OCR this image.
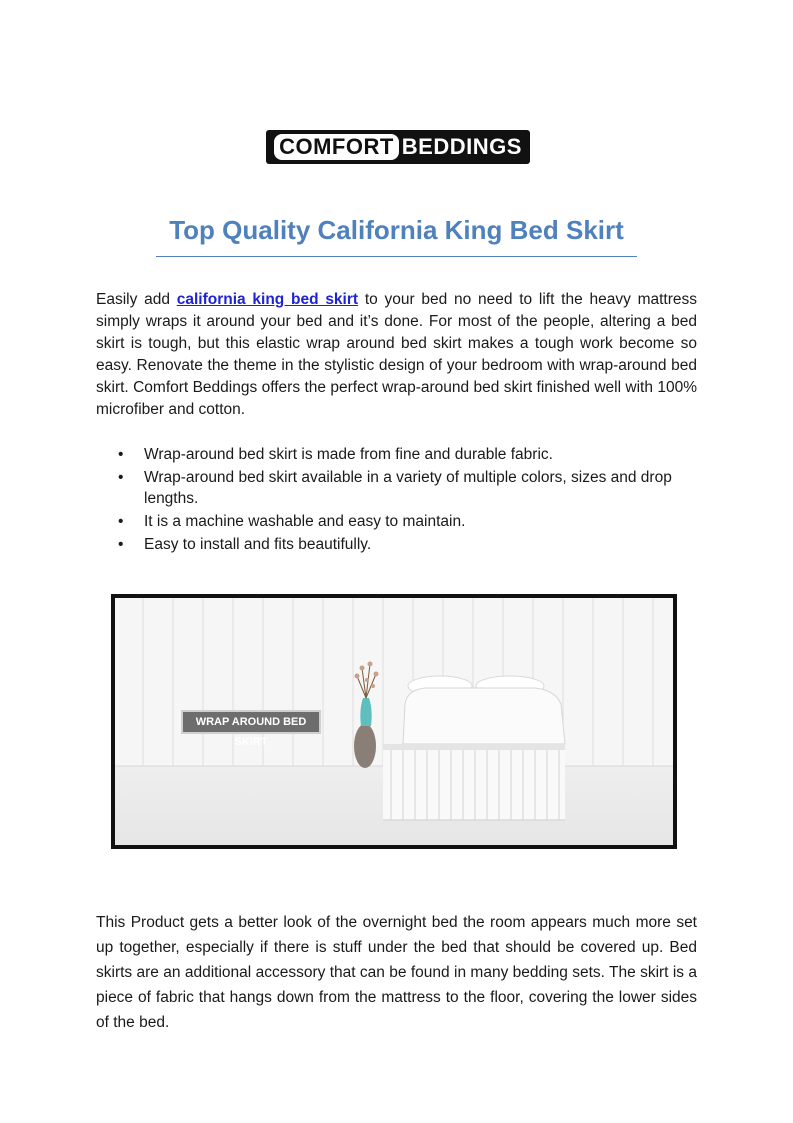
COMFORT BEDDINGS
Top Quality California King Bed Skirt

Easily add california king bed skirt to your bed no need to lift the heavy mattress simply wraps it around your bed and it’s done. For most of the people, altering a bed skirt is tough, but this elastic wrap around bed skirt makes a tough work become so easy. Renovate the theme in the stylistic design of your bedroom with wrap-around bed skirt. Comfort Beddings offers the perfect wrap-around bed skirt finished well with 100% microfiber and cotton.

• Wrap-around bed skirt is made from fine and durable fabric.
• Wrap-around bed skirt available in a variety of multiple colors, sizes and drop lengths.
• It is a machine washable and easy to maintain.
• Easy to install and fits beautifully.
WRAP AROUND BED SKIRT

This Product gets a better look of the overnight bed the room appears much more set up together, especially if there is stuff under the bed that should be covered up. Bed skirts are an additional accessory that can be found in many bedding sets. The skirt is a piece of fabric that hangs down from the mattress to the floor, covering the lower sides of the bed.
